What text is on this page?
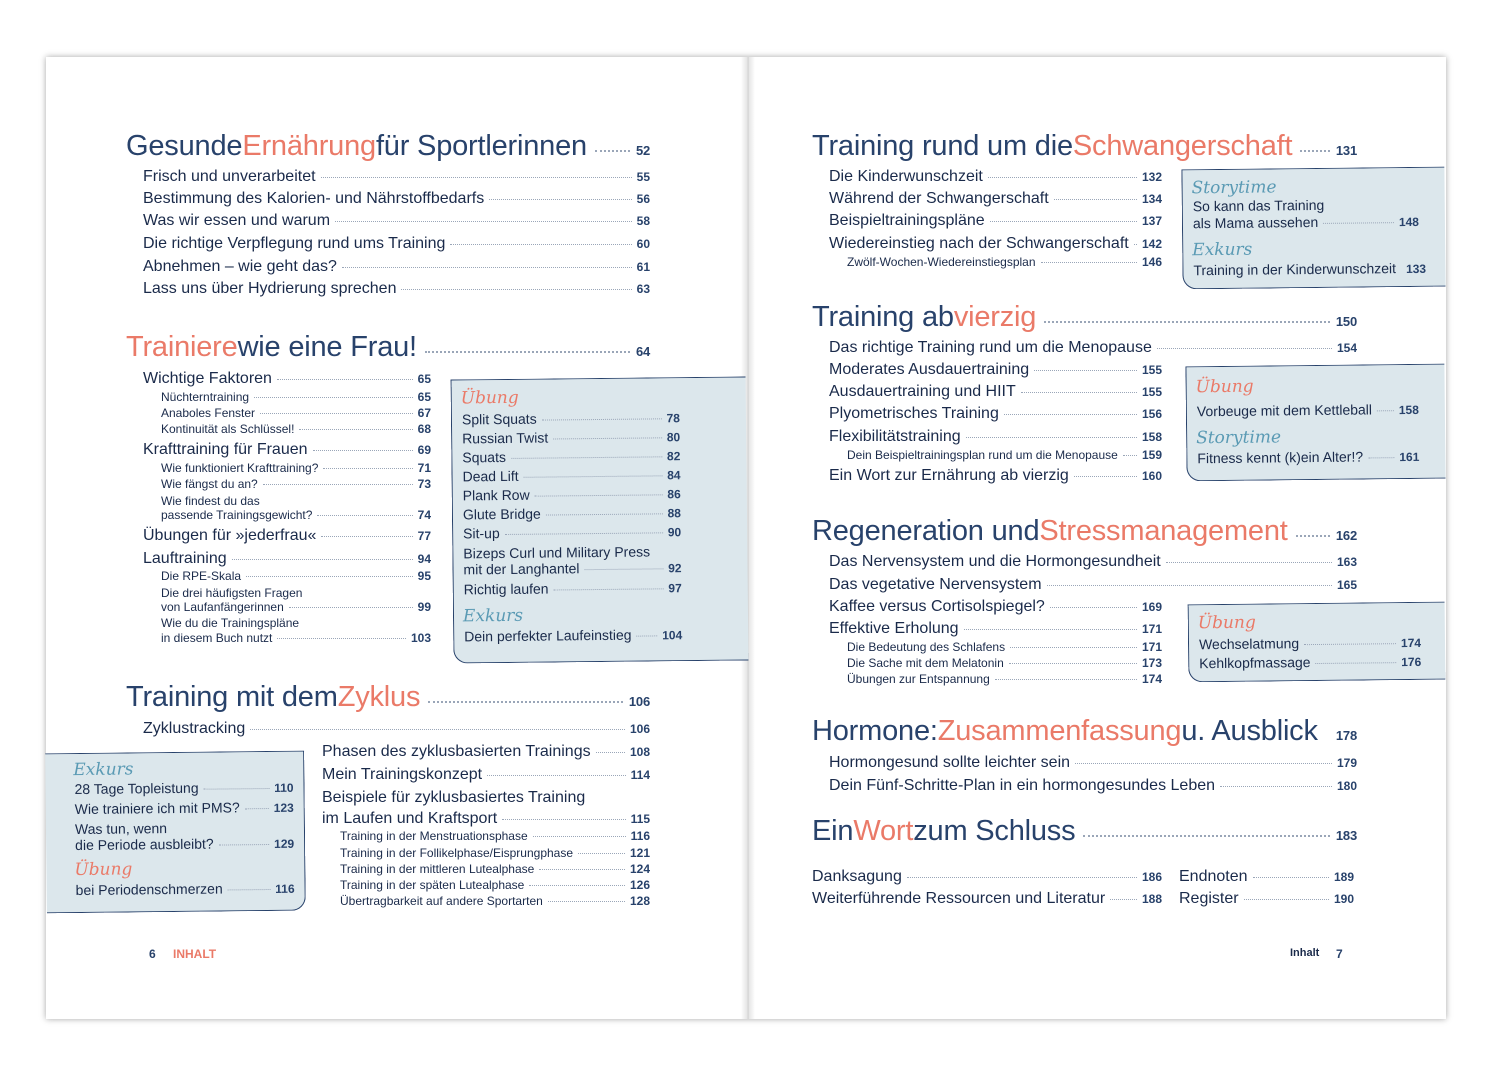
Gesunde Ernährung für Sportlerinnen	52
Frisch und unverarbeitet	55
Bestimmung des Kalorien- und Nährstoffbedarfs	56
Was wir essen und warum	58
Die richtige Verpflegung rund ums Training	60
Abnehmen – wie geht das?	61
Lass uns über Hydrierung sprechen	63
Trainiere wie eine Frau!	64
Wichtige Faktoren	65
Nüchterntraining	65
Anaboles Fenster	67
Kontinuität als Schlüssel!	68
Krafttraining für Frauen	69
Wie funktioniert Krafttraining?	71
Wie fängst du an?	73
Wie findest du das
passende Trainingsgewicht?	74
Übungen für »jederfrau«	77
Lauftraining	94
Die RPE-Skala	95
Die drei häufigsten Fragen
von Laufanfängerinnen	99
Wie du die Trainingspläne
in diesem Buch nutzt	103
Übung
Split Squats	78
Russian Twist	80
Squats	82
Dead Lift	84
Plank Row	86
Glute Bridge	88
Sit-up	90
Bizeps Curl und Military Press
mit der Langhantel	92
Richtig laufen	97
Exkurs
Dein perfekter Laufeinstieg	104
Training mit dem Zyklus	106
Zyklustracking	106
Phasen des zyklusbasierten Trainings	108
Mein Trainingskonzept	114
Beispiele für zyklusbasiertes Training
im Laufen und Kraftsport	115
Training in der Menstruationsphase	116
Training in der Follikelphase/Eisprungphase	121
Training in der mittleren Lutealphase	124
Training in der späten Lutealphase	126
Übertragbarkeit auf andere Sportarten	128
Exkurs
28 Tage Topleistung	110
Wie trainiere ich mit PMS?	123
Was tun, wenn
die Periode ausbleibt?	129
Übung
bei Periodenschmerzen	116
6 INHALT
Training rund um die Schwangerschaft	131
Die Kinderwunschzeit	132
Während der Schwangerschaft	134
Beispieltrainingspläne	137
Wiedereinstieg nach der Schwangerschaft 142
Zwölf-Wochen-Wiedereinstiegsplan	146
Storytime
So kann das Training
als Mama aussehen	148
Exkurs
Training in der Kinderwunschzeit 133
Training ab vierzig	150
Das richtige Training rund um die Menopause	154
Moderates Ausdauertraining	155
Ausdauertraining und HIIT	155
Plyometrisches Training	156
Flexibilitätstraining	158
Dein Beispieltrainingsplan rund um die Menopause 159
Ein Wort zur Ernährung ab vierzig	160
Übung
Vorbeuge mit dem Kettleball 158
Storytime
Fitness kennt (k)ein Alter!?	161
Regeneration und Stressmanagement	162
Das Nervensystem und die Hormongesundheit	163
Das vegetative Nervensystem	165
Kaffee versus Cortisolspiegel?	169
Effektive Erholung	171
Die Bedeutung des Schlafens	171
Die Sache mit dem Melatonin	173
Übungen zur Entspannung	174
Übung
Wechselatmung	174
Kehlkopfmassage	176
Hormone: Zusammenfassung u. Ausblick 178
Hormongesund sollte leichter sein	179
Dein Fünf-Schritte-Plan in ein hormongesundes Leben	180
Ein Wort zum Schluss	183
Danksagung	186
Weiterführende Ressourcen und Literatur	188
Endnoten	189
Register	190
Inhalt 7
